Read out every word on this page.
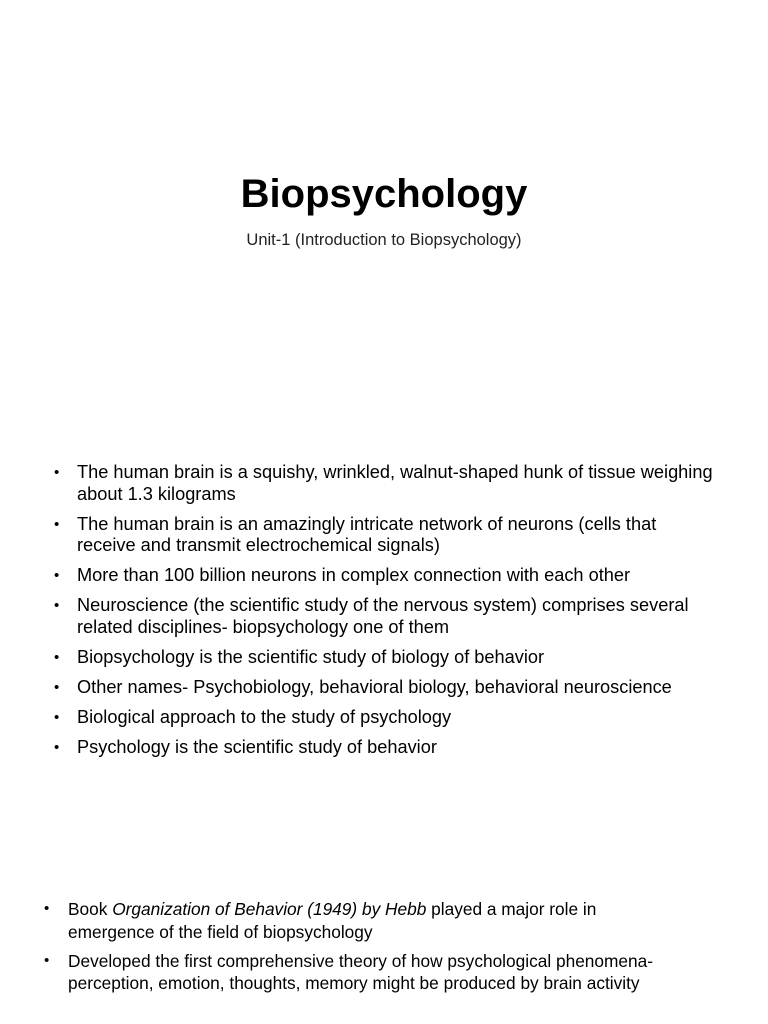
Biopsychology
Unit-1 (Introduction to Biopsychology)
• The human brain is a squishy, wrinkled, walnut-shaped hunk of tissue weighing about 1.3 kilograms
• The human brain is an amazingly intricate network of neurons (cells that receive and transmit electrochemical signals)
• More than 100 billion neurons in complex connection with each other
• Neuroscience (the scientific study of the nervous system) comprises several related disciplines- biopsychology one of them
• Biopsychology is the scientific study of biology of behavior
• Other names- Psychobiology, behavioral biology, behavioral neuroscience
• Biological approach to the study of psychology
• Psychology is the scientific study of behavior
• Book Organization of Behavior (1949) by Hebb played a major role in emergence of the field of biopsychology
• Developed the first comprehensive theory of how psychological phenomena- perception, emotion, thoughts, memory might be produced by brain activity
